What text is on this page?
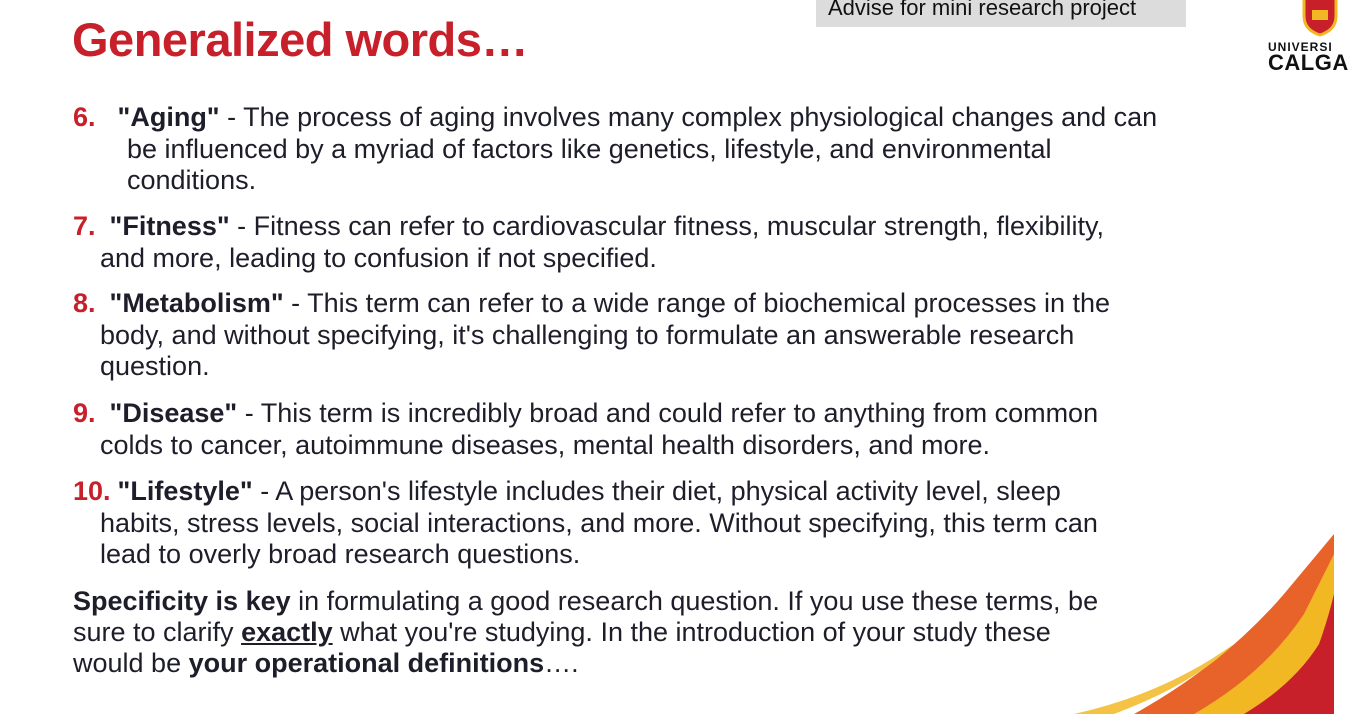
Generalized words…
Advise for mini research project
UNIVERSI
CALGA
6. "Aging" - The process of aging involves many complex physiological changes and can
be influenced by a myriad of factors like genetics, lifestyle, and environmental
conditions.
7. "Fitness" - Fitness can refer to cardiovascular fitness, muscular strength, flexibility,
and more, leading to confusion if not specified.
8. "Metabolism" - This term can refer to a wide range of biochemical processes in the
body, and without specifying, it's challenging to formulate an answerable research
question.
9. "Disease" - This term is incredibly broad and could refer to anything from common
colds to cancer, autoimmune diseases, mental health disorders, and more.
10. "Lifestyle" - A person's lifestyle includes their diet, physical activity level, sleep
habits, stress levels, social interactions, and more. Without specifying, this term can
lead to overly broad research questions.
Specificity is key in formulating a good research question. If you use these terms, be
sure to clarify exactly what you're studying. In the introduction of your study these
would be your operational definitions….
